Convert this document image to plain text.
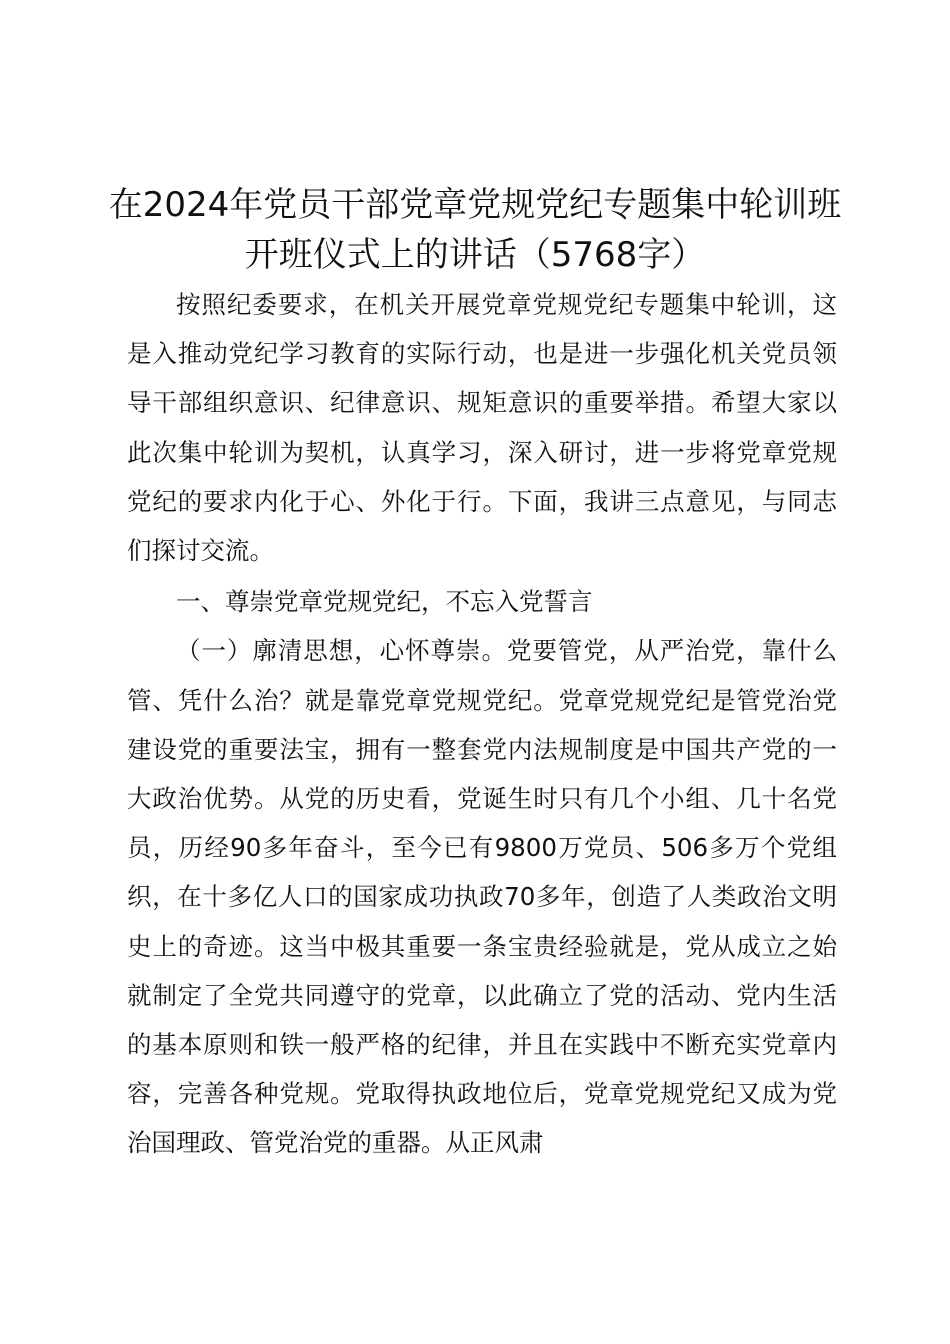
在2024年党员干部党章党规党纪专题集中轮训班开班仪式上的讲话（5768字）

按照纪委要求，在机关开展党章党规党纪专题集中轮训，这是入推动党纪学习教育的实际行动，也是进一步强化机关党员领导干部组织意识、纪律意识、规矩意识的重要举措。希望大家以此次集中轮训为契机，认真学习，深入研讨，进一步将党章党规党纪的要求内化于心、外化于行。下面，我讲三点意见，与同志们探讨交流。

一、尊崇党章党规党纪，不忘入党誓言

（一）廓清思想，心怀尊崇。党要管党，从严治党，靠什么管、凭什么治？就是靠党章党规党纪。党章党规党纪是管党治党建设党的重要法宝，拥有一整套党内法规制度是中国共产党的一大政治优势。从党的历史看，党诞生时只有几个小组、几十名党员，历经90多年奋斗，至今已有9800万党员、506多万个党组织，在十多亿人口的国家成功执政70多年，创造了人类政治文明史上的奇迹。这当中极其重要一条宝贵经验就是，党从成立之始就制定了全党共同遵守的党章，以此确立了党的活动、党内生活的基本原则和铁一般严格的纪律，并且在实践中不断充实党章内容，完善各种党规。党取得执政地位后，党章党规党纪又成为党治国理政、管党治党的重器。从正风肃
